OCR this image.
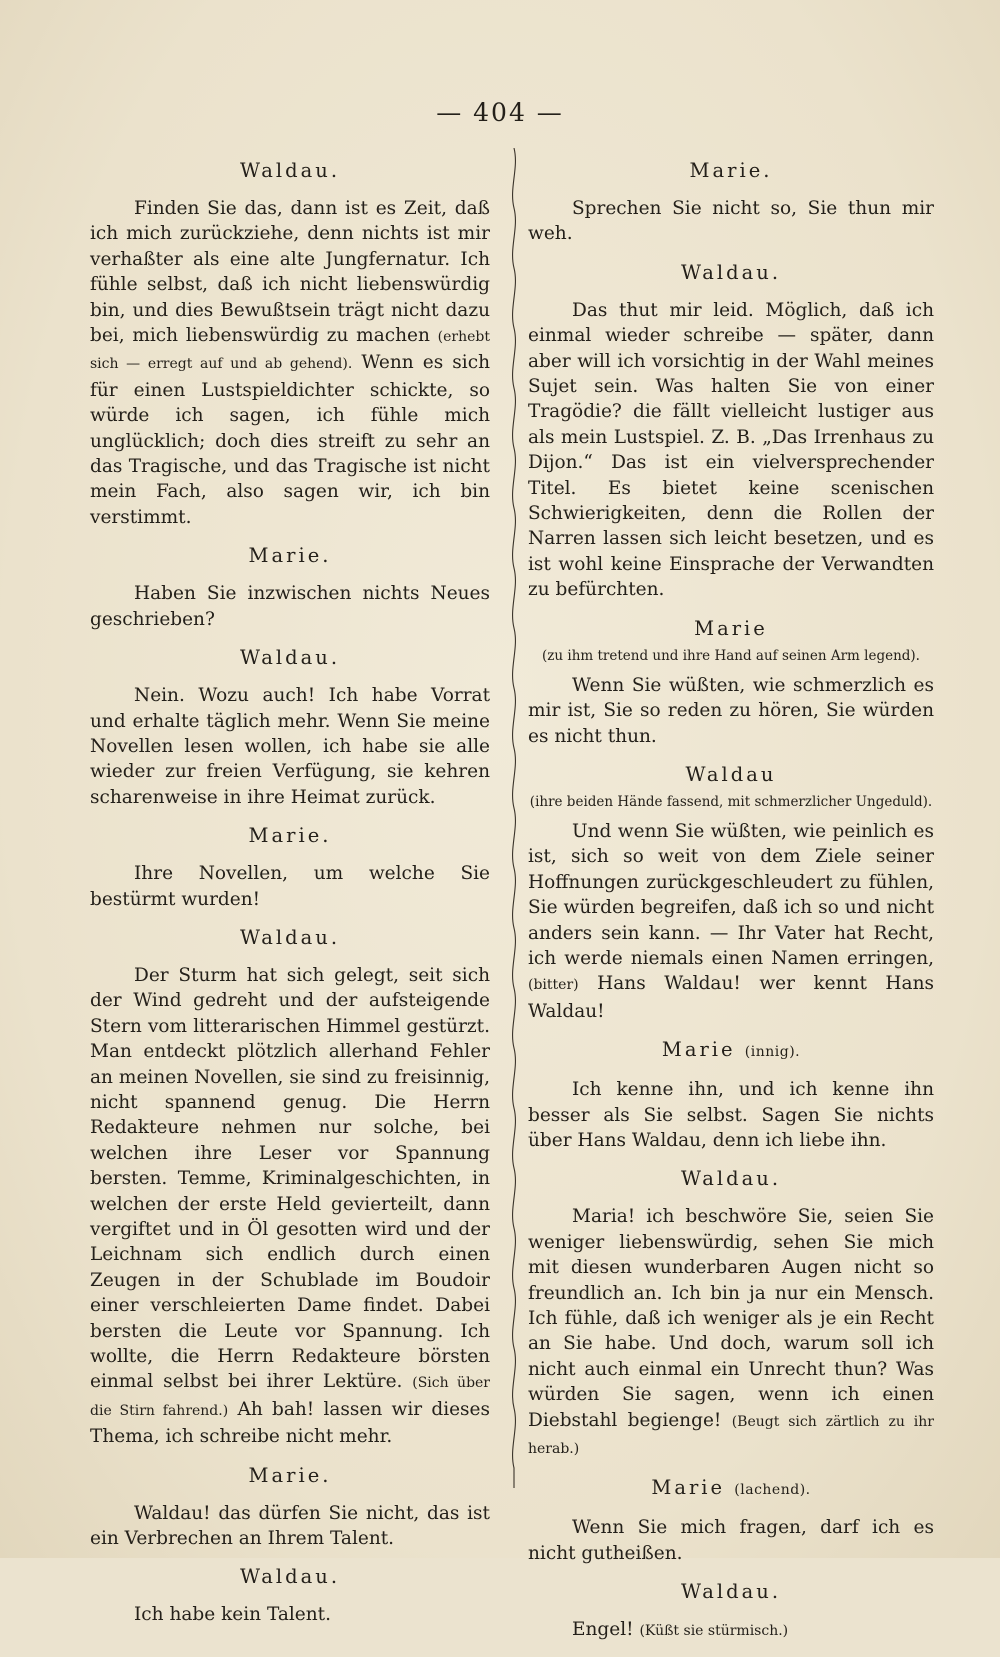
— 404 —
Waldau.

Finden Sie das, dann ist es Zeit, daß ich mich zurückziehe, denn nichts ist mir verhaßter als eine alte Jungfernatur. Ich fühle selbst, daß ich nicht liebenswürdig bin, und dies Bewußtsein trägt nicht dazu bei, mich liebenswürdig zu machen (erhebt sich — erregt auf und ab gehend). Wenn es sich für einen Lustspieldichter schickte, so würde ich sagen, ich fühle mich unglücklich; doch dies streift zu sehr an das Tragische, und das Tragische ist nicht mein Fach, also sagen wir, ich bin verstimmt.

Marie.

Haben Sie inzwischen nichts Neues geschrieben?

Waldau.

Nein. Wozu auch! Ich habe Vorrat und erhalte täglich mehr. Wenn Sie meine Novellen lesen wollen, ich habe sie alle wieder zur freien Verfügung, sie kehren scharenweise in ihre Heimat zurück.

Marie.

Ihre Novellen, um welche Sie bestürmt wurden!

Waldau.

Der Sturm hat sich gelegt, seit sich der Wind gedreht und der aufsteigende Stern vom litterarischen Himmel gestürzt. Man entdeckt plötzlich allerhand Fehler an meinen Novellen, sie sind zu freisinnig, nicht spannend genug. Die Herrn Redakteure nehmen nur solche, bei welchen ihre Leser vor Spannung bersten. Temme, Kriminalgeschichten, in welchen der erste Held gevierteilt, dann vergiftet und in Öl gesotten wird und der Leichnam sich endlich durch einen Zeugen in der Schublade im Boudoir einer verschleierten Dame findet. Dabei bersten die Leute vor Spannung. Ich wollte, die Herrn Redakteure börsten einmal selbst bei ihrer Lektüre. (Sich über die Stirn fahrend.) Ah bah! lassen wir dieses Thema, ich schreibe nicht mehr.

Marie.

Waldau! das dürfen Sie nicht, das ist ein Verbrechen an Ihrem Talent.

Waldau.

Ich habe kein Talent.

Marie.

Sprechen Sie nicht so, Sie thun mir weh.

Waldau.

Das thut mir leid. Möglich, daß ich einmal wieder schreibe — später, dann aber will ich vorsichtig in der Wahl meines Sujet sein. Was halten Sie von einer Tragödie? die fällt vielleicht lustiger aus als mein Lustspiel. Z. B. „Das Irrenhaus zu Dijon.“ Das ist ein vielversprechender Titel. Es bietet keine scenischen Schwierigkeiten, denn die Rollen der Narren lassen sich leicht besetzen, und es ist wohl keine Einsprache der Verwandten zu befürchten.

Marie
(zu ihm tretend und ihre Hand auf seinen Arm legend).

Wenn Sie wüßten, wie schmerzlich es mir ist, Sie so reden zu hören, Sie würden es nicht thun.

Waldau
(ihre beiden Hände fassend, mit schmerzlicher Ungeduld).

Und wenn Sie wüßten, wie peinlich es ist, sich so weit von dem Ziele seiner Hoffnungen zurückgeschleudert zu fühlen, Sie würden begreifen, daß ich so und nicht anders sein kann. — Ihr Vater hat Recht, ich werde niemals einen Namen erringen, (bitter) Hans Waldau! wer kennt Hans Waldau!

Marie (innig).

Ich kenne ihn, und ich kenne ihn besser als Sie selbst. Sagen Sie nichts über Hans Waldau, denn ich liebe ihn.

Waldau.

Maria! ich beschwöre Sie, seien Sie weniger liebenswürdig, sehen Sie mich mit diesen wunderbaren Augen nicht so freundlich an. Ich bin ja nur ein Mensch. Ich fühle, daß ich weniger als je ein Recht an Sie habe. Und doch, warum soll ich nicht auch einmal ein Unrecht thun? Was würden Sie sagen, wenn ich einen Diebstahl begienge! (Beugt sich zärtlich zu ihr herab.)

Marie (lachend).

Wenn Sie mich fragen, darf ich es nicht gutheißen.

Waldau.

Engel! (Küßt sie stürmisch.)
